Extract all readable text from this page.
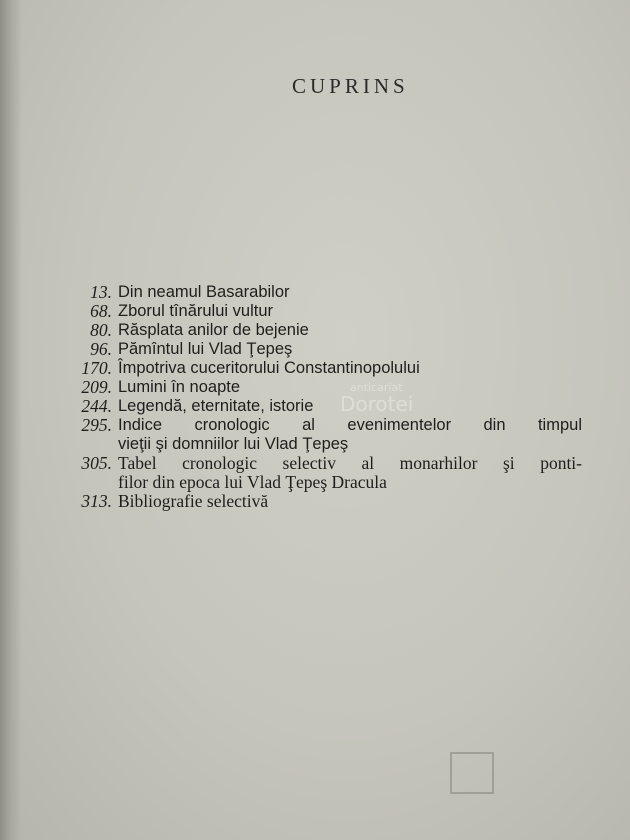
CUPRINS
13. Din neamul Basarabilor
68. Zborul tînărului vultur
80. Răsplata anilor de bejenie
96. Pămîntul lui Vlad Ţepeş
170. Împotriva cuceritorului Constantinopolului
209. Lumini în noapte
244. Legendă, eternitate, istorie
295. Indice cronologic al evenimentelor din timpul
vieţii şi domniilor lui Vlad Ţepeş
305. Tabel cronologic selectiv al monarhilor şi ponti-
filor din epoca lui Vlad Ţepeş Dracula
313. Bibliografie selectivă
anticariat
Dorotei
